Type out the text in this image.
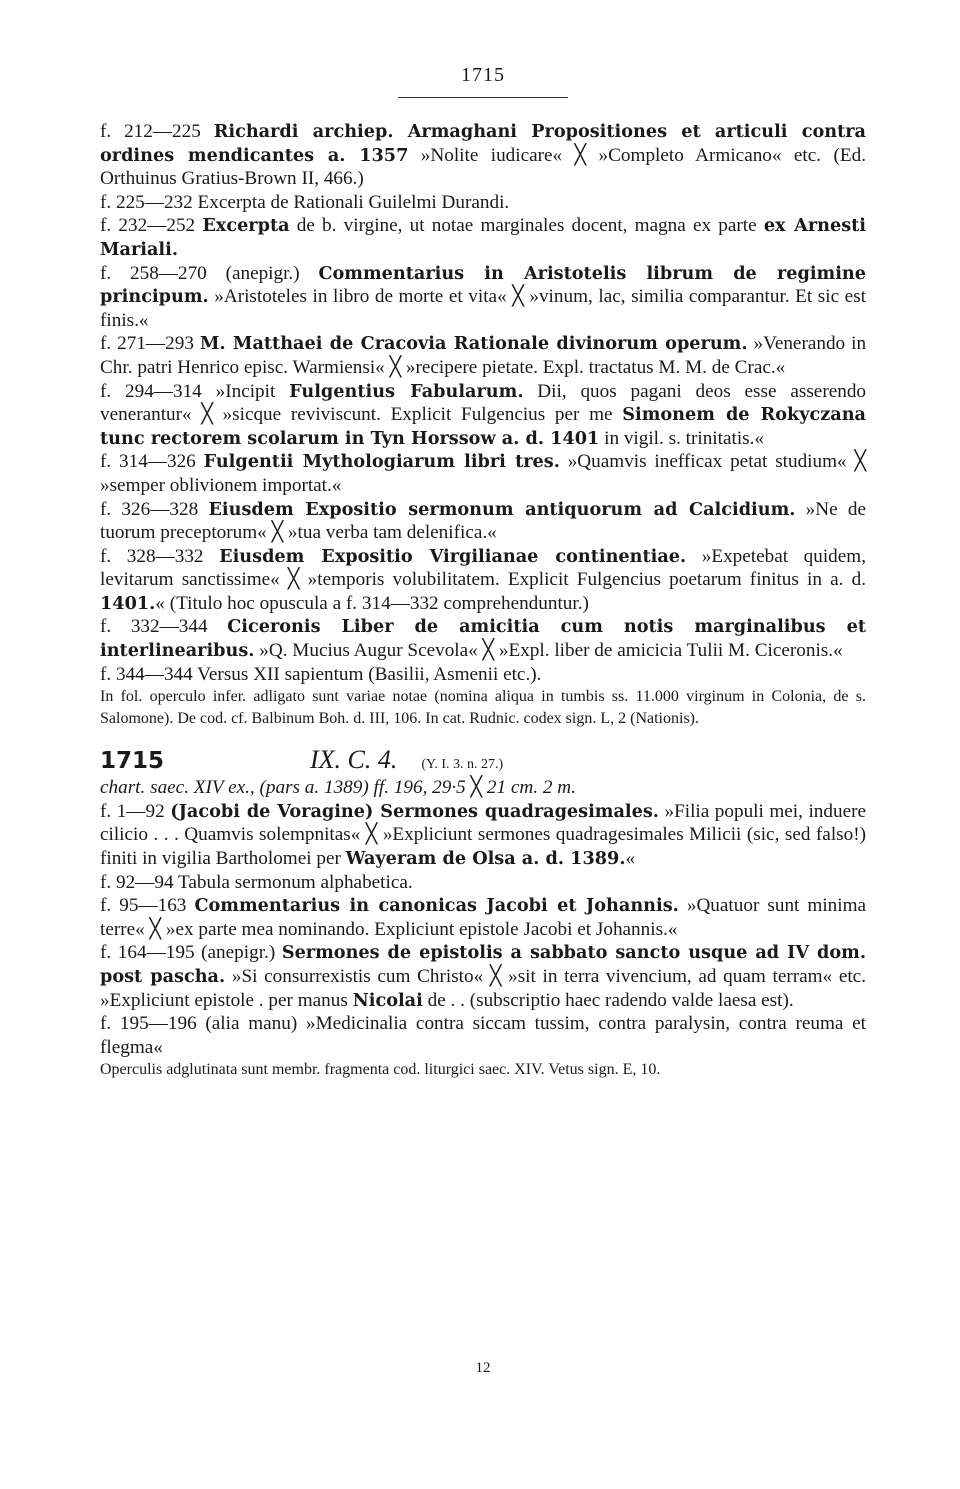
1715

f. 212—225 Richardi archiep. Armaghani Propositiones et articuli contra ordines mendicantes a. 1357 »Nolite iudicare« ╳ »Completo Armicano« etc. (Ed. Orthuinus Gratius-Brown II, 466.)

f. 225—232 Excerpta de Rationali Guilelmi Durandi.

f. 232—252 Excerpta de b. virgine, ut notae marginales docent, magna ex parte ex Arnesti Mariali.

f. 258—270 (anepigr.) Commentarius in Aristotelis librum de regimine principum. »Aristoteles in libro de morte et vita« ╳ »vinum, lac, similia comparantur. Et sic est finis.«

f. 271—293 M. Matthaei de Cracovia Rationale divinorum operum. »Venerando in Chr. patri Henrico episc. Warmiensi« ╳ »recipere pietate. Expl. tractatus M. M. de Crac.«

f. 294—314 »Incipit Fulgentius Fabularum. Dii, quos pagani deos esse asserendo venerantur« ╳ »sicque reviviscunt. Explicit Fulgencius per me Simonem de Rokyczana tunc rectorem scolarum in Tyn Horssow a. d. 1401 in vigil. s. trinitatis.«

f. 314—326 Fulgentii Mythologiarum libri tres. »Quamvis inefficax petat studium« ╳ »semper oblivionem importat.«

f. 326—328 Eiusdem Expositio sermonum antiquorum ad Calcidium. »Ne de tuorum preceptorum« ╳ »tua verba tam delenifica.«

f. 328—332 Eiusdem Expositio Virgilianae continentiae. »Expetebat quidem, levitarum sanctissime« ╳ »temporis volubilitatem. Explicit Fulgencius poetarum finitus in a. d. 1401.« (Titulo hoc opuscula a f. 314—332 comprehenduntur.)

f. 332—344 Ciceronis Liber de amicitia cum notis marginalibus et interlinearibus. »Q. Mucius Augur Scevola« ╳ »Expl. liber de amicicia Tulii M. Ciceronis.«

f. 344—344 Versus XII sapientum (Basilii, Asmenii etc.).

In fol. operculo infer. adligato sunt variae notae (nomina aliqua in tumbis ss. 11.000 virginum in Colonia, de s. Salomone). De cod. cf. Balbinum Boh. d. III, 106. In cat. Rudnic. codex sign. L, 2 (Nationis).

1715	IX. C. 4. (Y. I. 3. n. 27.)

chart. saec. XIV ex., (pars a. 1389) ff. 196, 29·5 ╳ 21 cm. 2 m.

f. 1—92 (Jacobi de Voragine) Sermones quadragesimales. »Filia populi mei, induere cilicio . . . Quamvis solempnitas« ╳ »Expliciunt sermones quadragesimales Milicii (sic, sed falso!) finiti in vigilia Bartholomei per Wayeram de Olsa a. d. 1389.«

f. 92—94 Tabula sermonum alphabetica.

f. 95—163 Commentarius in canonicas Jacobi et Johannis. »Quatuor sunt minima terre« ╳ »ex parte mea nominando. Expliciunt epistole Jacobi et Johannis.«

f. 164—195 (anepigr.) Sermones de epistolis a sabbato sancto usque ad IV dom. post pascha. »Si consurrexistis cum Christo« ╳ »sit in terra vivencium, ad quam terram« etc. »Expliciunt epistole . per manus Nicolai de . . (subscriptio haec radendo valde laesa est).

f. 195—196 (alia manu) »Medicinalia contra siccam tussim, contra paralysin, contra reuma et flegma«

Operculis adglutinata sunt membr. fragmenta cod. liturgici saec. XIV. Vetus sign. E, 10.

12
